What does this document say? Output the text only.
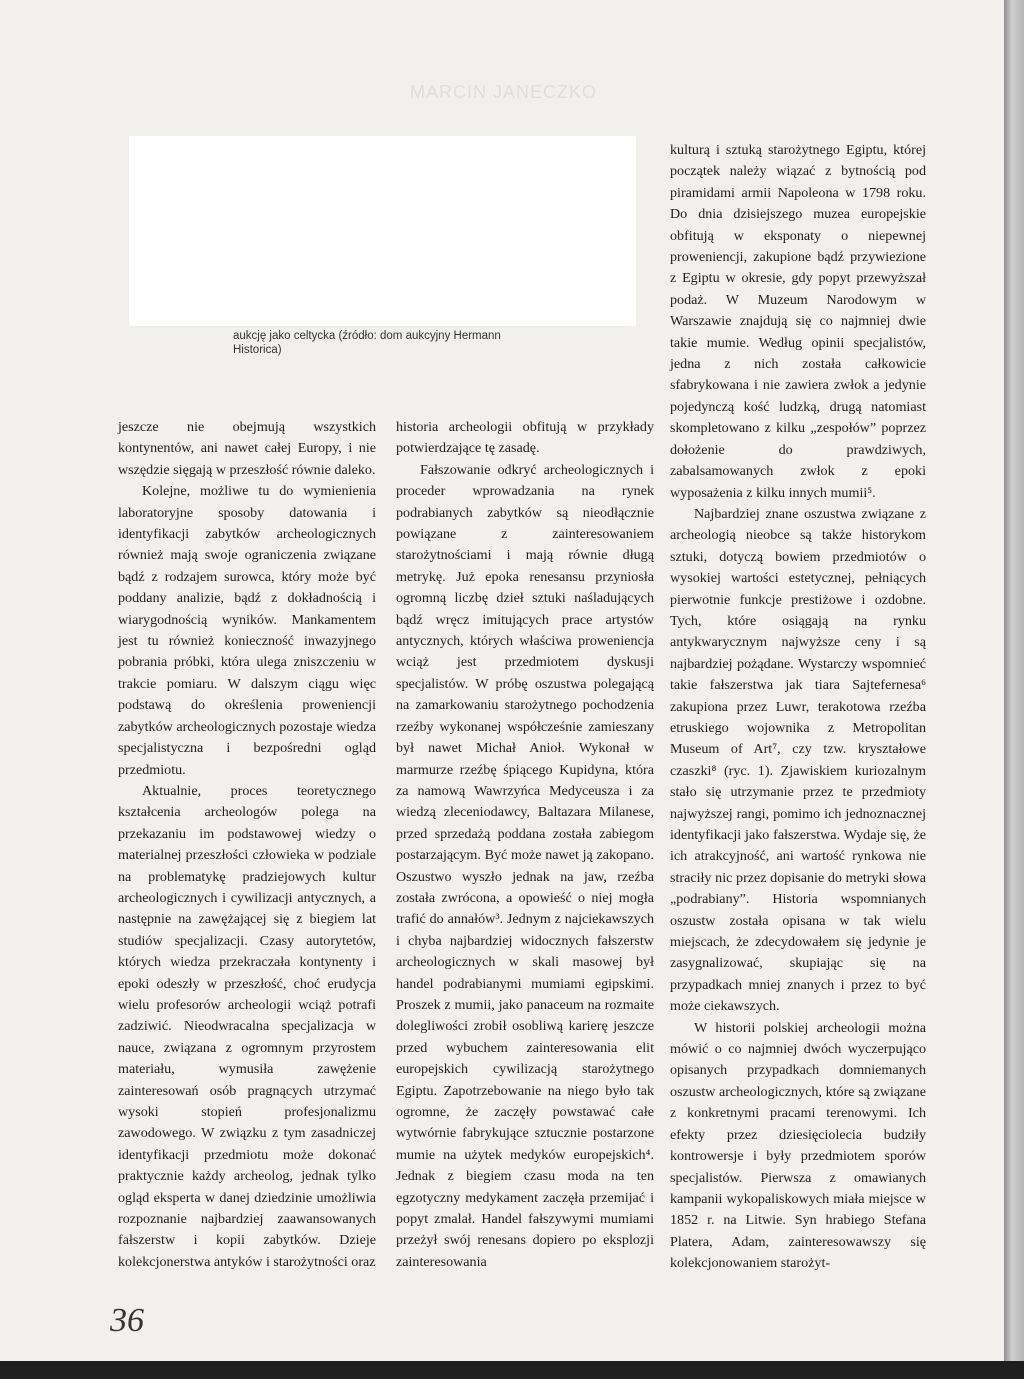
MARCIN JANECZKO
aukcję jako celtycka (źródło: dom aukcyjny Hermann Historica)

jeszcze nie obejmują wszystkich kontynentów, ani nawet całej Europy, i nie wszędzie sięgają w przeszłość równie daleko.

Kolejne, możliwe tu do wymienienia laboratoryjne sposoby datowania i identyfikacji zabytków archeologicznych również mają swoje ograniczenia związane bądź z rodzajem surowca, który może być poddany analizie, bądź z dokładnością i wiarygodnością wyników. Mankamentem jest tu również konieczność inwazyjnego pobrania próbki, która ulega zniszczeniu w trakcie pomiaru. W dalszym ciągu więc podstawą do określenia proweniencji zabytków archeologicznych pozostaje wiedza specjalistyczna i bezpośredni ogląd przedmiotu.

Aktualnie, proces teoretycznego kształcenia archeologów polega na przekazaniu im podstawowej wiedzy o materialnej przeszłości człowieka w podziale na problematykę pradziejowych kultur archeologicznych i cywilizacji antycznych, a następnie na zawężającej się z biegiem lat studiów specjalizacji. Czasy autorytetów, których wiedza przekraczała kontynenty i epoki odeszły w przeszłość, choć erudycja wielu profesorów archeologii wciąż potrafi zadziwić. Nieodwracalna specjalizacja w nauce, związana z ogromnym przyrostem materiału, wymusiła zawężenie zainteresowań osób pragnących utrzymać wysoki stopień profesjonalizmu zawodowego. W związku z tym zasadniczej identyfikacji przedmiotu może dokonać praktycznie każdy archeolog, jednak tylko ogląd eksperta w danej dziedzinie umożliwia rozpoznanie najbardziej zaawansowanych fałszerstw i kopii zabytków. Dzieje kolekcjonerstwa antyków i starożytności oraz

historia archeologii obfitują w przykłady potwierdzające tę zasadę.

Fałszowanie odkryć archeologicznych i proceder wprowadzania na rynek podrabianych zabytków są nieodłącznie powiązane z zainteresowaniem starożytnościami i mają równie długą metrykę. Już epoka renesansu przyniosła ogromną liczbę dzieł sztuki naśladujących bądź wręcz imitujących prace artystów antycznych, których właściwa proweniencja wciąż jest przedmiotem dyskusji specjalistów. W próbę oszustwa polegającą na zamarkowaniu starożytnego pochodzenia rzeźby wykonanej współcześnie zamieszany był nawet Michał Anioł. Wykonał w marmurze rzeźbę śpiącego Kupidyna, która za namową Wawrzyńca Medyceusza i za wiedzą zleceniodawcy, Baltazara Milanese, przed sprzedażą poddana została zabiegom postarzającym. Być może nawet ją zakopano. Oszustwo wyszło jednak na jaw, rzeźba została zwrócona, a opowieść o niej mogła trafić do annałów³. Jednym z najciekawszych i chyba najbardziej widocznych fałszerstw archeologicznych w skali masowej był handel podrabianymi mumiami egipskimi. Proszek z mumii, jako panaceum na rozmaite dolegliwości zrobił osobliwą karierę jeszcze przed wybuchem zainteresowania elit europejskich cywilizacją starożytnego Egiptu. Zapotrzebowanie na niego było tak ogromne, że zaczęły powstawać całe wytwórnie fabrykujące sztucznie postarzone mumie na użytek medyków europejskich⁴. Jednak z biegiem czasu moda na ten egzotyczny medykament zaczęła przemijać i popyt zmalał. Handel fałszywymi mumiami przeżył swój renesans dopiero po eksplozji zainteresowania

kulturą i sztuką starożytnego Egiptu, której początek należy wiązać z bytnością pod piramidami armii Napoleona w 1798 roku. Do dnia dzisiejszego muzea europejskie obfitują w eksponaty o niepewnej proweniencji, zakupione bądź przywiezione z Egiptu w okresie, gdy popyt przewyższał podaż. W Muzeum Narodowym w Warszawie znajdują się co najmniej dwie takie mumie. Według opinii specjalistów, jedna z nich została całkowicie sfabrykowana i nie zawiera zwłok a jedynie pojedynczą kość ludzką, drugą natomiast skompletowano z kilku „zespołów” poprzez dołożenie do prawdziwych, zabalsamowanych zwłok z epoki wyposażenia z kilku innych mumii⁵.

Najbardziej znane oszustwa związane z archeologią nieobce są także historykom sztuki, dotyczą bowiem przedmiotów o wysokiej wartości estetycznej, pełniących pierwotnie funkcje prestiżowe i ozdobne. Tych, które osiągają na rynku antykwarycznym najwyższe ceny i są najbardziej pożądane. Wystarczy wspomnieć takie fałszerstwa jak tiara Sajtefernesa⁶ zakupiona przez Luwr, terakotowa rzeźba etruskiego wojownika z Metropolitan Museum of Art⁷, czy tzw. kryształowe czaszki⁸ (ryc. 1). Zjawiskiem kuriozalnym stało się utrzymanie przez te przedmioty najwyższej rangi, pomimo ich jednoznacznej identyfikacji jako fałszerstwa. Wydaje się, że ich atrakcyjność, ani wartość rynkowa nie straciły nic przez dopisanie do metryki słowa „podrabiany”. Historia wspomnianych oszustw została opisana w tak wielu miejscach, że zdecydowałem się jedynie je zasygnalizować, skupiając się na przypadkach mniej znanych i przez to być może ciekawszych.

W historii polskiej archeologii można mówić o co najmniej dwóch wyczerpująco opisanych przypadkach domniemanych oszustw archeologicznych, które są związane z konkretnymi pracami terenowymi. Ich efekty przez dziesięciolecia budziły kontrowersje i były przedmiotem sporów specjalistów. Pierwsza z omawianych kampanii wykopaliskowych miała miejsce w 1852 r. na Litwie. Syn hrabiego Stefana Platera, Adam, zainteresowawszy się kolekcjonowaniem starożyt-

36
